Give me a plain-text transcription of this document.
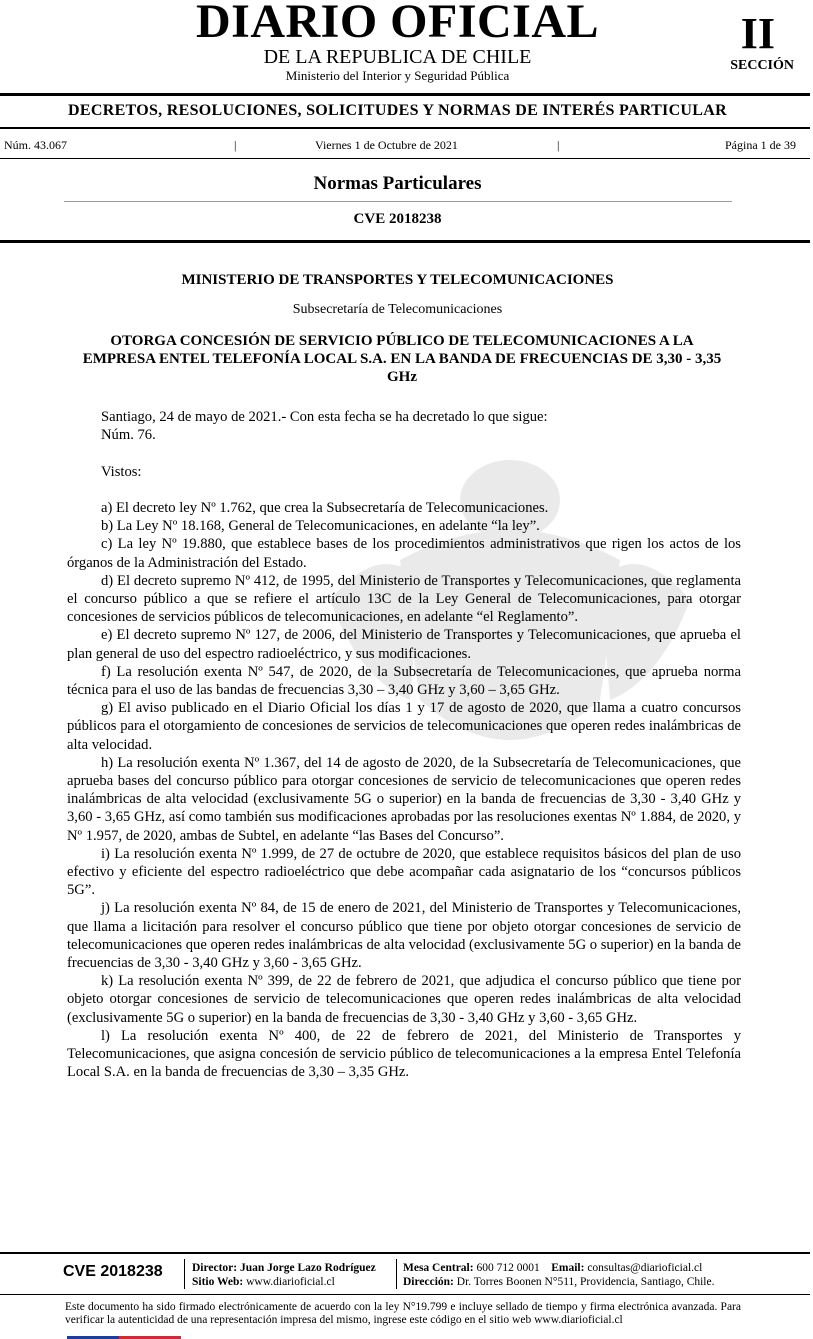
DIARIO OFICIAL
DE LA REPUBLICA DE CHILE
Ministerio del Interior y Seguridad Pública
II
SECCIÓN
DECRETOS, RESOLUCIONES, SOLICITUDES Y NORMAS DE INTERÉS PARTICULAR
Núm. 43.067	|	Viernes 1 de Octubre de 2021	|	Página 1 de 39
Normas Particulares
CVE 2018238
MINISTERIO DE TRANSPORTES Y TELECOMUNICACIONES
Subsecretaría de Telecomunicaciones
OTORGA CONCESIÓN DE SERVICIO PÚBLICO DE TELECOMUNICACIONES A LA EMPRESA ENTEL TELEFONÍA LOCAL S.A. EN LA BANDA DE FRECUENCIAS DE 3,30 - 3,35 GHz

Santiago, 24 de mayo de 2021.- Con esta fecha se ha decretado lo que sigue:

Núm. 76.

Vistos:

a) El decreto ley Nº 1.762, que crea la Subsecretaría de Telecomunicaciones.

b) La Ley Nº 18.168, General de Telecomunicaciones, en adelante “la ley”.

c) La ley Nº 19.880, que establece bases de los procedimientos administrativos que rigen los actos de los órganos de la Administración del Estado.

d) El decreto supremo Nº 412, de 1995, del Ministerio de Transportes y Telecomunicaciones, que reglamenta el concurso público a que se refiere el artículo 13C de la Ley General de Telecomunicaciones, para otorgar concesiones de servicios públicos de telecomunicaciones, en adelante “el Reglamento”.

e) El decreto supremo Nº 127, de 2006, del Ministerio de Transportes y Telecomunicaciones, que aprueba el plan general de uso del espectro radioeléctrico, y sus modificaciones.

f) La resolución exenta Nº 547, de 2020, de la Subsecretaría de Telecomunicaciones, que aprueba norma técnica para el uso de las bandas de frecuencias 3,30 – 3,40 GHz y 3,60 – 3,65 GHz.

g) El aviso publicado en el Diario Oficial los días 1 y 17 de agosto de 2020, que llama a cuatro concursos públicos para el otorgamiento de concesiones de servicios de telecomunicaciones que operen redes inalámbricas de alta velocidad.

h) La resolución exenta Nº 1.367, del 14 de agosto de 2020, de la Subsecretaría de Telecomunicaciones, que aprueba bases del concurso público para otorgar concesiones de servicio de telecomunicaciones que operen redes inalámbricas de alta velocidad (exclusivamente 5G o superior) en la banda de frecuencias de 3,30 - 3,40 GHz y 3,60 - 3,65 GHz, así como también sus modificaciones aprobadas por las resoluciones exentas Nº 1.884, de 2020, y Nº 1.957, de 2020, ambas de Subtel, en adelante “las Bases del Concurso”.

i) La resolución exenta Nº 1.999, de 27 de octubre de 2020, que establece requisitos básicos del plan de uso efectivo y eficiente del espectro radioeléctrico que debe acompañar cada asignatario de los “concursos públicos 5G”.

j) La resolución exenta Nº 84, de 15 de enero de 2021, del Ministerio de Transportes y Telecomunicaciones, que llama a licitación para resolver el concurso público que tiene por objeto otorgar concesiones de servicio de telecomunicaciones que operen redes inalámbricas de alta velocidad (exclusivamente 5G o superior) en la banda de frecuencias de 3,30 - 3,40 GHz y 3,60 - 3,65 GHz.

k) La resolución exenta Nº 399, de 22 de febrero de 2021, que adjudica el concurso público que tiene por objeto otorgar concesiones de servicio de telecomunicaciones que operen redes inalámbricas de alta velocidad (exclusivamente 5G o superior) en la banda de frecuencias de 3,30 - 3,40 GHz y 3,60 - 3,65 GHz.

l) La resolución exenta Nº 400, de 22 de febrero de 2021, del Ministerio de Transportes y Telecomunicaciones, que asigna concesión de servicio público de telecomunicaciones a la empresa Entel Telefonía Local S.A. en la banda de frecuencias de 3,30 – 3,35 GHz.

CVE 2018238	Director: Juan Jorge Lazo Rodríguez
Sitio Web: www.diarioficial.cl
Mesa Central: 600 712 0001 Email: consultas@diarioficial.cl
Dirección: Dr. Torres Boonen N°511, Providencia, Santiago, Chile.
Este documento ha sido firmado electrónicamente de acuerdo con la ley N°19.799 e incluye sellado de tiempo y firma electrónica avanzada. Para verificar la autenticidad de una representación impresa del mismo, ingrese este código en el sitio web www.diarioficial.cl
